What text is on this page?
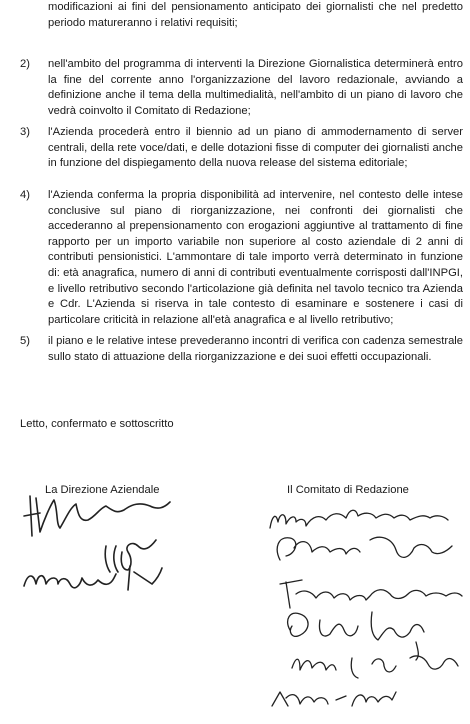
modificazioni ai fini del pensionamento anticipato dei giornalisti che nel predetto periodo matureranno i relativi requisiti;
2)	nell'ambito del programma di interventi la Direzione Giornalistica determinerà entro la fine del corrente anno l'organizzazione del lavoro redazionale, avviando a definizione anche il tema della multimedialità, nell'ambito di un piano di lavoro che vedrà coinvolto il Comitato di Redazione;
3)	l'Azienda procederà entro il biennio ad un piano di ammodernamento di server centrali, della rete voce/dati, e delle dotazioni fisse di computer dei giornalisti anche in funzione del dispiegamento della nuova release del sistema editoriale;
4)	l'Azienda conferma la propria disponibilità ad intervenire, nel contesto delle intese conclusive sul piano di riorganizzazione, nei confronti dei giornalisti che accederanno al prepensionamento con erogazioni aggiuntive al trattamento di fine rapporto per un importo variabile non superiore al costo aziendale di 2 anni di contributi pensionistici. L'ammontare di tale importo verrà determinato in funzione di: età anagrafica, numero di anni di contributi eventualmente corrisposti dall'INPGI, e livello retributivo secondo l'articolazione già definita nel tavolo tecnico tra Azienda e Cdr. L'Azienda si riserva in tale contesto di esaminare e sostenere i casi di particolare criticità in relazione all'età anagrafica e al livello retributivo;
5)	il piano e le relative intese prevederanno incontri di verifica con cadenza semestrale sullo stato di attuazione della riorganizzazione e dei suoi effetti occupazionali.
Letto, confermato e sottoscritto
La Direzione Aziendale	Il Comitato di Redazione
